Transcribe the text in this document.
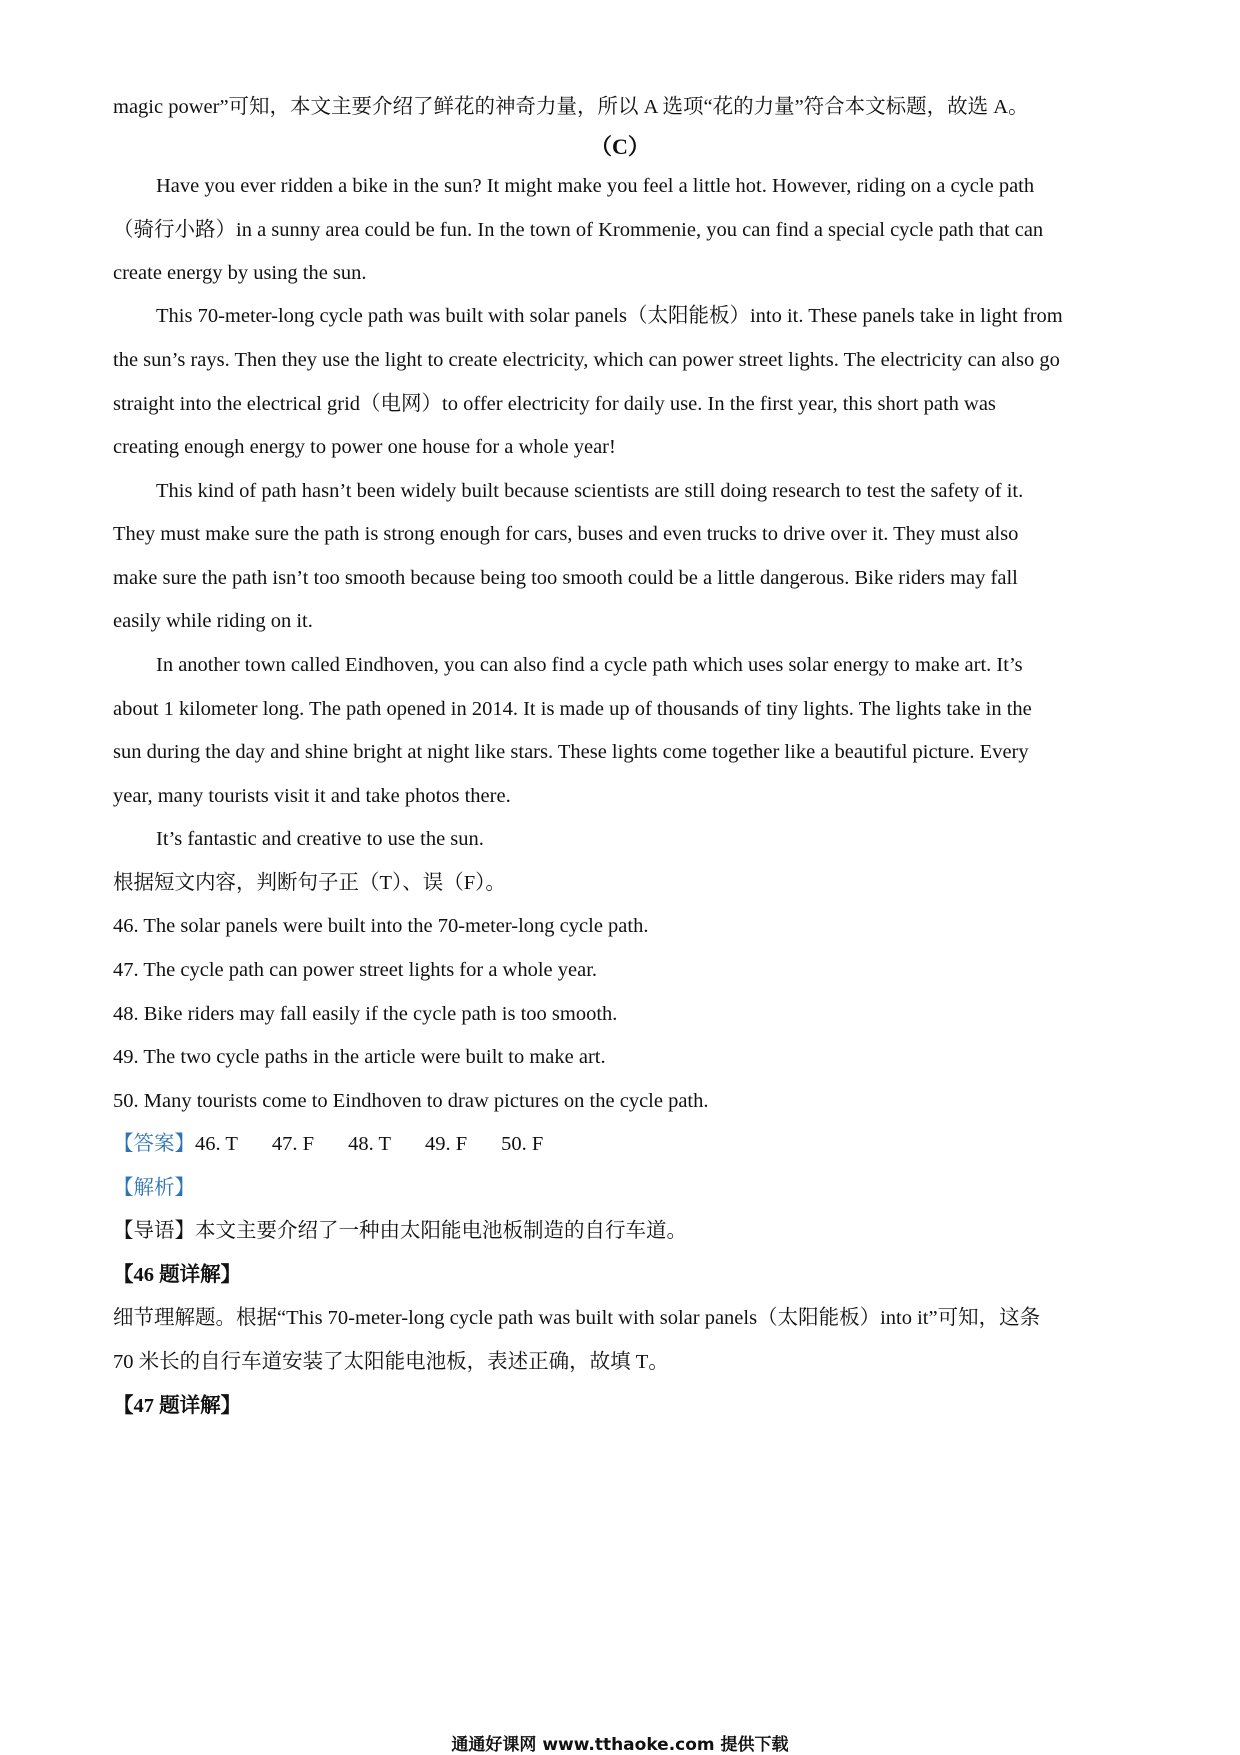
magic power”可知，本文主要介绍了鲜花的神奇力量，所以 A 选项“花的力量”符合本文标题，故选 A。
（C）
Have you ever ridden a bike in the sun? It might make you feel a little hot. However, riding on a cycle path
（骑行小路）in a sunny area could be fun. In the town of Krommenie, you can find a special cycle path that can
create energy by using the sun.
This 70-meter-long cycle path was built with solar panels（太阳能板）into it. These panels take in light from
the sun’s rays. Then they use the light to create electricity, which can power street lights. The electricity can also go
straight into the electrical grid（电网）to offer electricity for daily use. In the first year, this short path was
creating enough energy to power one house for a whole year!
This kind of path hasn’t been widely built because scientists are still doing research to test the safety of it.
They must make sure the path is strong enough for cars, buses and even trucks to drive over it. They must also
make sure the path isn’t too smooth because being too smooth could be a little dangerous. Bike riders may fall
easily while riding on it.
In another town called Eindhoven, you can also find a cycle path which uses solar energy to make art. It’s
about 1 kilometer long. The path opened in 2014. It is made up of thousands of tiny lights. The lights take in the
sun during the day and shine bright at night like stars. These lights come together like a beautiful picture. Every
year, many tourists visit it and take photos there.
It’s fantastic and creative to use the sun.
根据短文内容，判断句子正（T）、误（F）。
46. The solar panels were built into the 70-meter-long cycle path.
47. The cycle path can power street lights for a whole year.
48. Bike riders may fall easily if the cycle path is too smooth.
49. The two cycle paths in the article were built to make art.
50. Many tourists come to Eindhoven to draw pictures on the cycle path.
【答案】46. T 47. F 48. T 49. F 50. F
【解析】
【导语】本文主要介绍了一种由太阳能电池板制造的自行车道。
【46 题详解】
细节理解题。根据“This 70-meter-long cycle path was built with solar panels（太阳能板）into it”可知，这条
70 米长的自行车道安装了太阳能电池板，表述正确，故填 T。
【47 题详解】
通通好课网 www.tthaoke.com 提供下载
